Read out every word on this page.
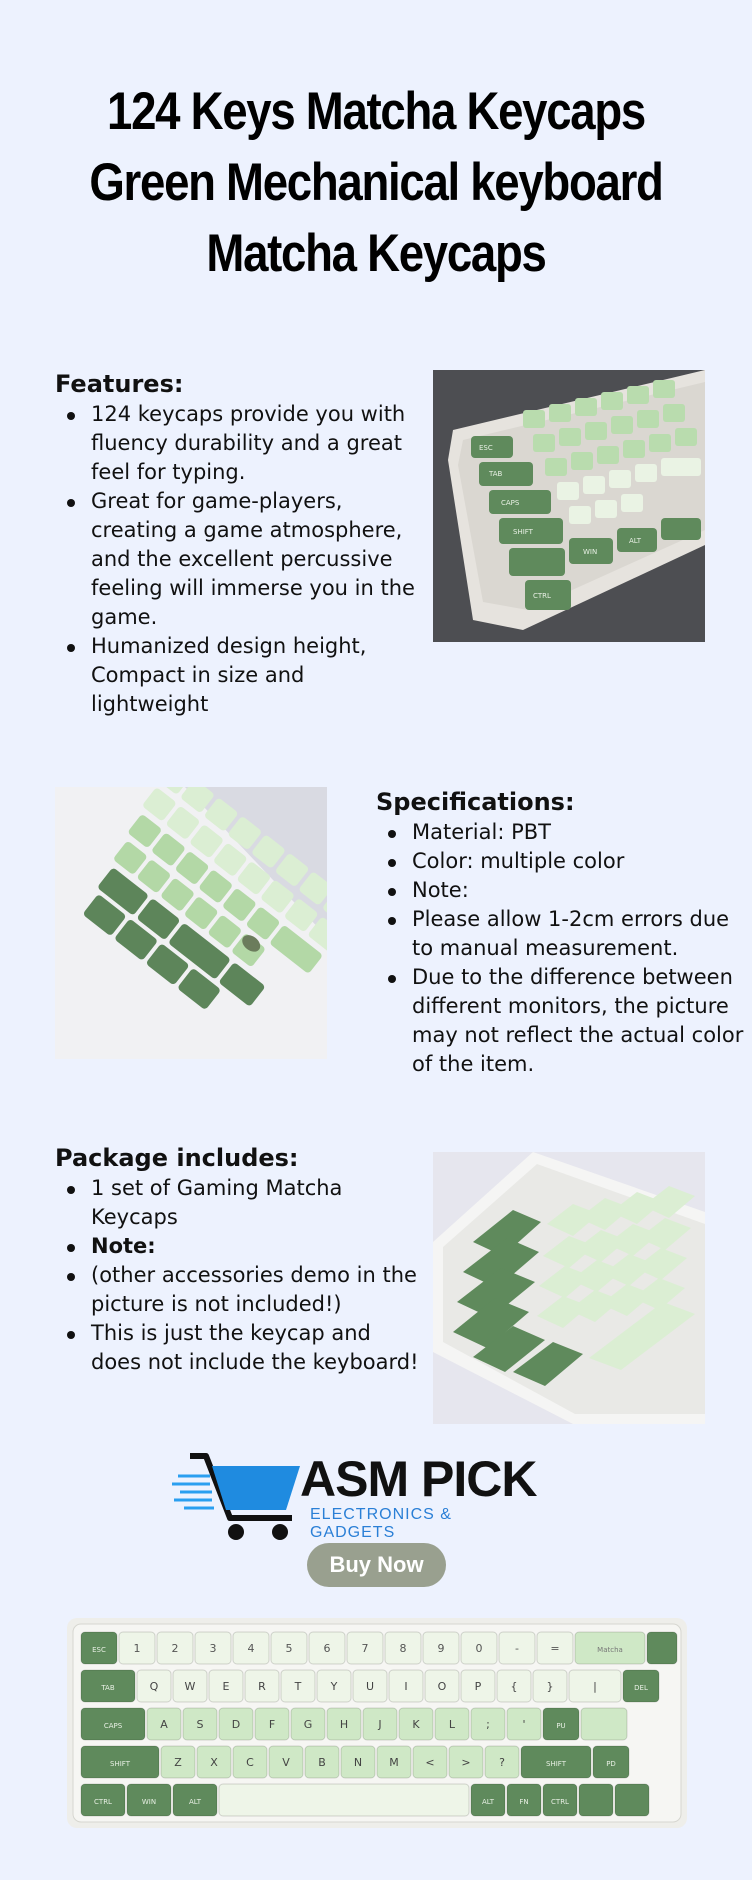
124 Keys Matcha Keycaps Green Mechanical keyboard Matcha Keycaps
Features:
124 keycaps provide you with fluency durability and a great feel for typing.
Great for game-players, creating a game atmosphere, and the excellent percussive feeling will immerse you in the game.
Humanized design height, Compact in size and lightweight
ESC
TAB
CAPS
SHIFT
CTRL
WIN
ALT
Specifications:
Material: PBT
Color: multiple color
Note:
Please allow 1-2cm errors due to manual measurement.
Due to the difference between different monitors, the picture may not reflect the actual color of the item.
Package includes:
1 set of Gaming Matcha Keycaps
Note:
(other accessories demo in the picture is not included!)
This is just the keycap and does not include the keyboard!
ASM PICK
ELECTRONICS & GADGETS
Buy Now
ESC	1	2	3	4	5	6	7	8	9	0	-	=	Matcha
TAB	Q W E	R	T	Y	U	I	O	P	{	}	|	DEL
CAPS	A	S	D	F	G	H	J	K	L	;	'	PU
SHIFT	Z	X	C	V	B	N M < >	?	SHIFT	PD
CTRL	WIN	ALT	ALT	FN	CTRL
